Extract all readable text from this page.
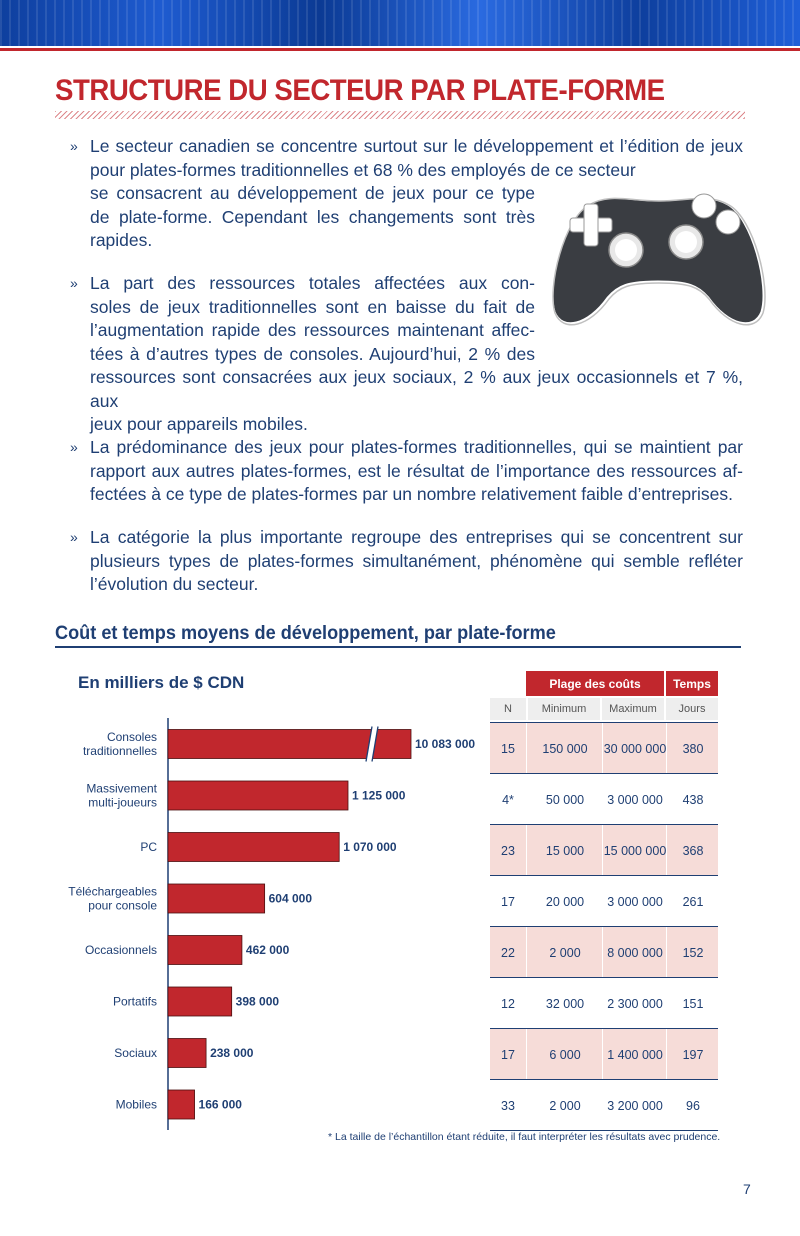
STRUCTURE DU SECTEUR PAR PLATE-FORME
» Le secteur canadien se concentre surtout sur le développement et l’édition de jeux
pour plates-formes traditionnelles et 68 % des employés de ce secteur
se consacrent au développement de jeux pour ce type
de plate-forme. Cependant les changements sont très
rapides.
» La part des ressources totales affectées aux con-
soles de jeux traditionnelles sont en baisse du fait de
l’augmentation rapide des ressources maintenant affec-
tées à d’autres types de consoles. Aujourd’hui, 2 % des
ressources sont consacrées aux jeux sociaux, 2 % aux jeux occasionnels et 7 %, aux
jeux pour appareils mobiles.
» La prédominance des jeux pour plates-formes traditionnelles, qui se maintient par
rapport aux autres plates-formes, est le résultat de l’importance des ressources af-
fectées à ce type de plates-formes par un nombre relativement faible d’entreprises.
» La catégorie la plus importante regroupe des entreprises qui se concentrent sur
plusieurs types de plates-formes simultanément, phénomène qui semble refléter
l’évolution du secteur.
Coût et temps moyens de développement, par plate-forme
En milliers de $ CDN
10 083 000
Consoles traditionnelles
1 125 000
Massivement multi-joueurs
1 070 000
PC
604 000
Téléchargeables pour console
462 000
Occasionnels
398 000
Portatifs
238 000
Sociaux
166 000
Mobiles
Plage des coûts	Temps
N	Minimum	Maximum	Jours
15	150 000	30 000 000	380
4*	50 000	3 000 000	438
23	15 000	15 000 000	368
17	20 000	3 000 000	261
22	2 000	8 000 000	152
12	32 000	2 300 000	151
17	6 000	1 400 000	197
33	2 000	3 200 000	96
* La taille de l’échantillon étant réduite, il faut interpréter les résultats avec prudence.
7
